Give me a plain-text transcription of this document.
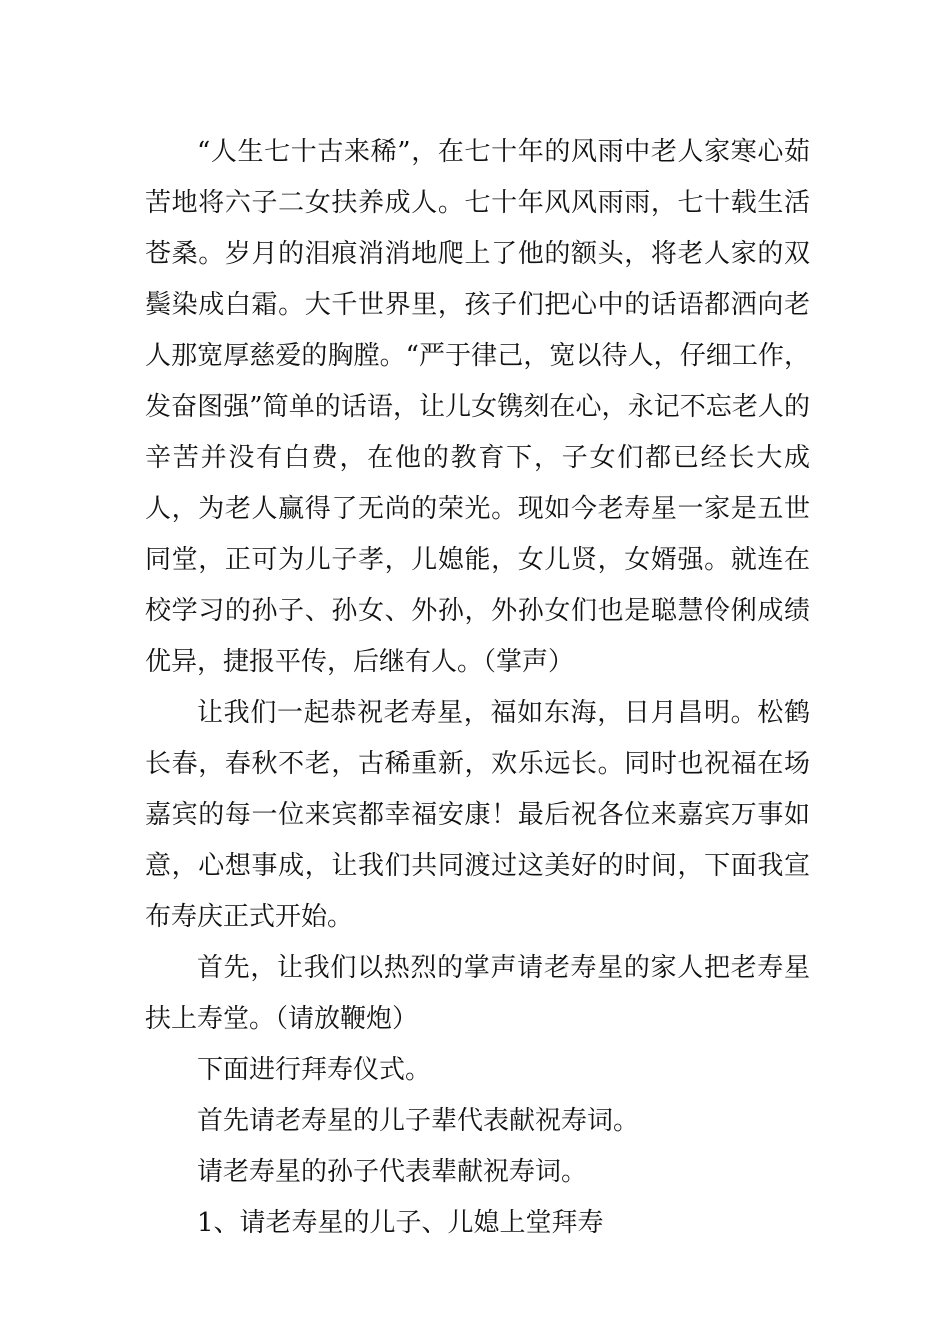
“人生七十古来稀”，在七十年的风雨中老人家寒心茹苦地将六子二女扶养成人。七十年风风雨雨，七十载生活苍桑。岁月的泪痕消消地爬上了他的额头，将老人家的双鬓染成白霜。大千世界里，孩子们把心中的话语都洒向老人那宽厚慈爱的胸膛。“严于律己，宽以待人，仔细工作，发奋图强”简单的话语，让儿女镌刻在心，永记不忘老人的辛苦并没有白费，在他的教育下，子女们都已经长大成人，为老人赢得了无尚的荣光。现如今老寿星一家是五世同堂，正可为儿子孝，儿媳能，女儿贤，女婿强。就连在校学习的孙子、孙女、外孙，外孙女们也是聪慧伶俐成绩优异，捷报平传，后继有人。（掌声）

让我们一起恭祝老寿星，福如东海，日月昌明。松鹤长春，春秋不老，古稀重新，欢乐远长。同时也祝福在场嘉宾的每一位来宾都幸福安康！最后祝各位来嘉宾万事如意，心想事成，让我们共同渡过这美好的时间，下面我宣布寿庆正式开始。

首先，让我们以热烈的掌声请老寿星的家人把老寿星扶上寿堂。（请放鞭炮）

下面进行拜寿仪式。

首先请老寿星的儿子辈代表献祝寿词。

请老寿星的孙子代表辈献祝寿词。

1、请老寿星的儿子、儿媳上堂拜寿
